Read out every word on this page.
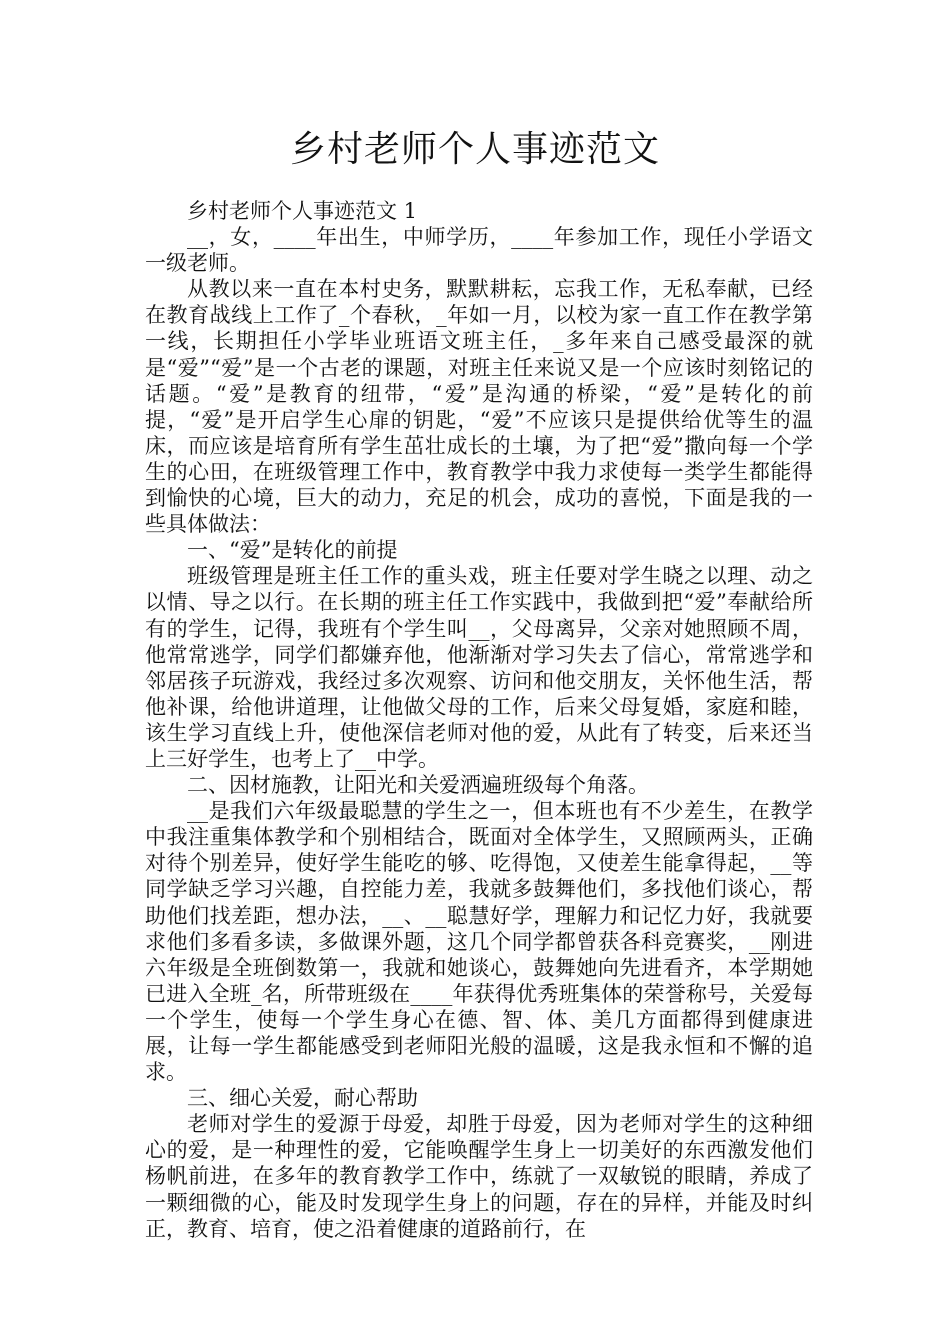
乡村老师个人事迹范文

乡村老师个人事迹范文 1

__，女，____年出生，中师学历，____年参加工作，现任小学语文一级老师。

从教以来一直在本村史务，默默耕耘，忘我工作，无私奉献，已经在教育战线上工作了_个春秋，_年如一月，以校为家一直工作在教学第一线，长期担任小学毕业班语文班主任，_多年来自己感受最深的就是“爱”“爱”是一个古老的课题，对班主任来说又是一个应该时刻铭记的话题。“爱”是教育的纽带，“爱”是沟通的桥梁，“爱”是转化的前提，“爱”是开启学生心扉的钥匙，“爱”不应该只是提供给优等生的温床，而应该是培育所有学生茁壮成长的土壤，为了把“爱”撒向每一个学生的心田，在班级管理工作中，教育教学中我力求使每一类学生都能得到愉快的心境，巨大的动力，充足的机会，成功的喜悦，下面是我的一些具体做法：

一、“爱”是转化的前提

班级管理是班主任工作的重头戏，班主任要对学生晓之以理、动之以情、导之以行。在长期的班主任工作实践中，我做到把“爱”奉献给所有的学生，记得，我班有个学生叫__，父母离异，父亲对她照顾不周，他常常逃学，同学们都嫌弃他，他渐渐对学习失去了信心，常常逃学和邻居孩子玩游戏，我经过多次观察、访问和他交朋友，关怀他生活，帮他补课，给他讲道理，让他做父母的工作，后来父母复婚，家庭和睦，该生学习直线上升，使他深信老师对他的爱，从此有了转变，后来还当上三好学生，也考上了__中学。

二、因材施教，让阳光和关爱洒遍班级每个角落。

__是我们六年级最聪慧的学生之一，但本班也有不少差生，在教学中我注重集体教学和个别相结合，既面对全体学生，又照顾两头，正确对待个别差异，使好学生能吃的够、吃得饱，又使差生能拿得起，__等同学缺乏学习兴趣，自控能力差，我就多鼓舞他们，多找他们谈心，帮助他们找差距，想办法，__、__聪慧好学，理解力和记忆力好，我就要求他们多看多读，多做课外题，这几个同学都曾获各科竞赛奖，__刚进六年级是全班倒数第一，我就和她谈心，鼓舞她向先进看齐，本学期她已进入全班_名，所带班级在____年获得优秀班集体的荣誉称号，关爱每一个学生，使每一个学生身心在德、智、体、美几方面都得到健康进展，让每一学生都能感受到老师阳光般的温暖，这是我永恒和不懈的追求。

三、细心关爱，耐心帮助

老师对学生的爱源于母爱，却胜于母爱，因为老师对学生的这种细心的爱，是一种理性的爱，它能唤醒学生身上一切美好的东西激发他们杨帆前进，在多年的教育教学工作中，练就了一双敏锐的眼睛，养成了一颗细微的心，能及时发现学生身上的问题，存在的异样，并能及时纠正，教育、培育，使之沿着健康的道路前行，在
